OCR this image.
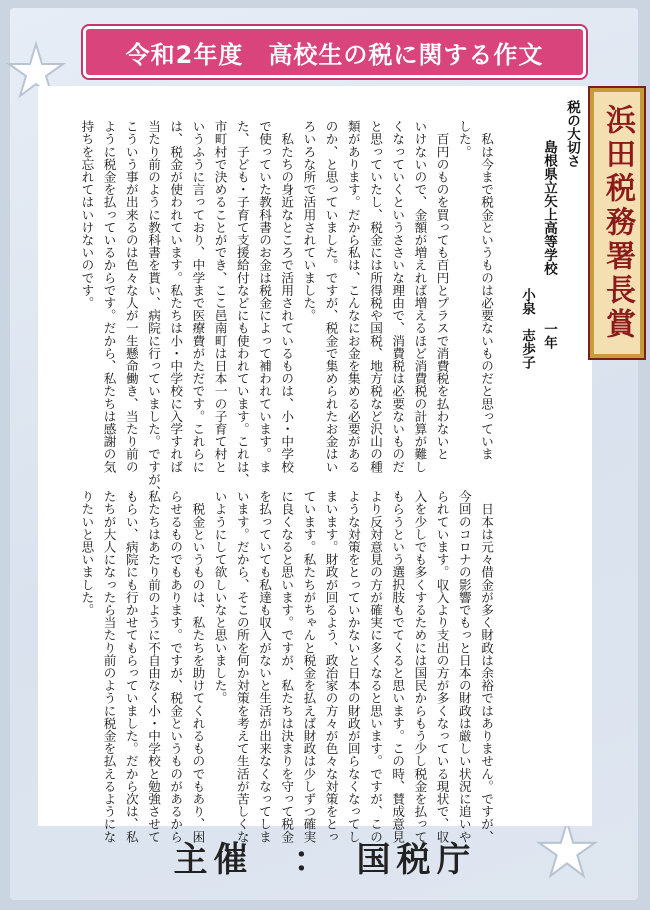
令和2年度　高校生の税に関する作文
浜田税務署長賞
税の大切さ
島根県立矢上高等学校
一年
小泉　志歩子
　私は今まで税金というものは必要ないものだと思っていま
した。
　百円のものを買っても百円とプラスで消費税を払わないと
いけないので、金額が増えれば増えるほど消費税の計算が難し
くなっていくというささいな理由で、消費税は必要ないものだ
と思っていたし、税金には所得税や国税、地方税など沢山の種
類があります。だから私は、こんなにお金を集める必要がある
のか、と思っていました。ですが、税金で集められたお金はい
ろいろな所で活用されていました。
　私たちの身近なところで活用されているものは、小・中学校
で使っていた教科書のお金は税金によって補われています。ま
た、子ども・子育て支援給付などにも使われています。これは、
市町村で決めることができ、ここ邑南町は日本一の子育て村と
いうふうに言っており、中学まで医療費がただです。これらに
は、税金が使われています。私たちは小・中学校に入学すれば
当たり前のように教科書を貰い、病院に行っていました。ですが、
こういう事が出来るのは色々な人が一生懸命働き、当たり前の
ように税金を払っているからです。だから、私たちは感謝の気
持ちを忘れてはいけないのです。
　日本は元々借金が多く財政は余裕ではありません。ですが、
今回のコロナの影響でもっと日本の財政は厳しい状況に追いや
られています。収入より支出の方が多くなっている現状で、収
入を少しでも多くするためには国民からもう少し税金を払って
もらうという選択肢もでてくると思います。この時、賛成意見
より反対意見の方が確実に多くなると思います。ですが、この
ような対策をとっていかないと日本の財政が回らなくなってし
まいます。財政が回るよう、政治家の方々が色々な対策をとっ
ています。私たちがちゃんと税金を払えば財政は少しずつ確実
に良くなると思います。ですが、私たちは決まりを守って税金
を払っていても私達も収入がないと生活が出来なくなってしま
います。だから、そこの所を何か対策を考えて生活が苦しくな
いようにして欲しいなと思いました。
　税金というものは、私たちを助けてくれるものでもあり、困
らせるものでもあります。ですが、税金というものがあるから
私たちはあたり前のように不自由なく小・中学校と勉強させて
もらい、病院にも行かせてもらっていました。だから次は、私
たちが大人になったら当たり前のように税金を払えるようにな
りたいと思いました。
主催　：　国税庁
